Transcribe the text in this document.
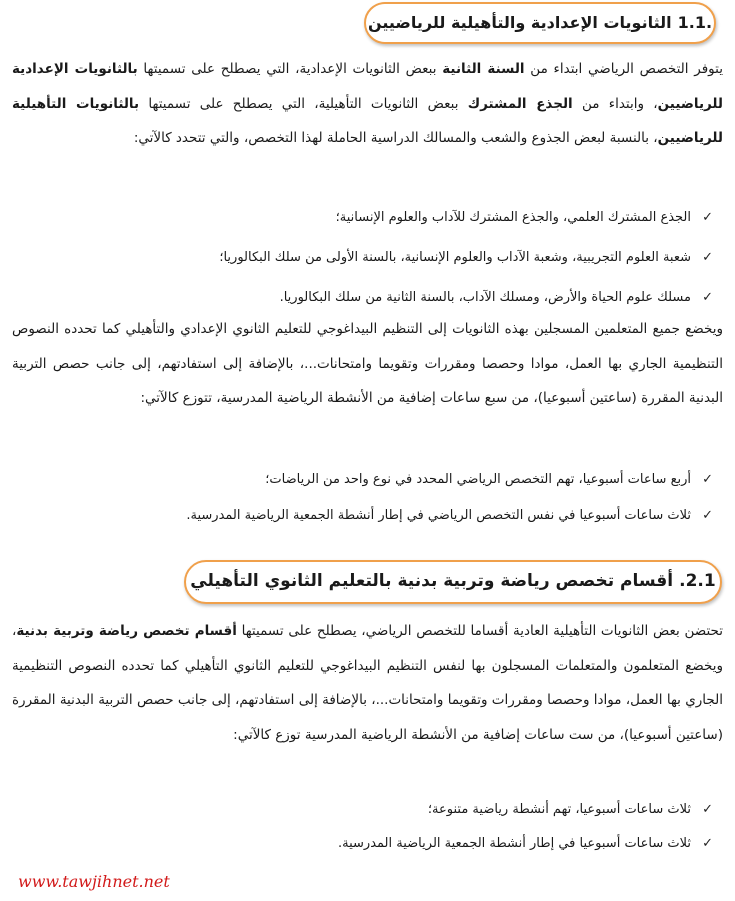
1.1.الثانويات الإعدادية والتأهيلية للرياضيين

يتوفر التخصص الرياضي ابتداء من السنة الثانية ببعض الثانويات الإعدادية، التي يصطلح على تسميتها بالثانويات الإعدادية للرياضيين، وابتداء من الجذع المشترك ببعض الثانويات التأهيلية، التي يصطلح على تسميتها بالثانويات التأهيلية للرياضيين، بالنسبة لبعض الجذوع والشعب والمسالك الدراسية الحاملة لهذا التخصص، والتي تتحدد كالآتي:

✓
الجذع المشترك العلمي، والجذع المشترك للآداب والعلوم الإنسانية؛
✓
شعبة العلوم التجريبية، وشعبة الآداب والعلوم الإنسانية، بالسنة الأولى من سلك البكالوريا؛
✓
مسلك علوم الحياة والأرض، ومسلك الآداب، بالسنة الثانية من سلك البكالوريا.

ويخضع جميع المتعلمين المسجلين بهذه الثانويات إلى التنظيم البيداغوجي للتعليم الثانوي الإعدادي والتأهيلي كما تحدده النصوص التنظيمية الجاري بها العمل، موادا وحصصا ومقررات وتقويما وامتحانات...، بالإضافة إلى استفادتهم، إلى جانب حصص التربية البدنية المقررة (ساعتين أسبوعيا)، من سبع ساعات إضافية من الأنشطة الرياضية المدرسية، تتوزع كالآتي:

✓
أربع ساعات أسبوعيا، تهم التخصص الرياضي المحدد في نوع واحد من الرياضات؛
✓
ثلاث ساعات أسبوعيا في نفس التخصص الرياضي في إطار أنشطة الجمعية الرياضية المدرسية.
.2.1أقسام تخصص رياضة وتربية بدنية بالتعليم الثانوي التأهيلي

تحتضن بعض الثانويات التأهيلية العادية أقساما للتخصص الرياضي، يصطلح على تسميتها أقسام تخصص رياضة وتربية بدنية، ويخضع المتعلمون والمتعلمات المسجلون بها لنفس التنظيم البيداغوجي للتعليم الثانوي التأهيلي كما تحدده النصوص التنظيمية الجاري بها العمل، موادا وحصصا ومقررات وتقويما وامتحانات...، بالإضافة إلى استفادتهم، إلى جانب حصص التربية البدنية المقررة (ساعتين أسبوعيا)، من ست ساعات إضافية من الأنشطة الرياضية المدرسية توزع كالآتي:

✓
ثلاث ساعات أسبوعيا، تهم أنشطة رياضية متنوعة؛
✓
ثلاث ساعات أسبوعيا في إطار أنشطة الجمعية الرياضية المدرسية.
www.tawjihnet.net
